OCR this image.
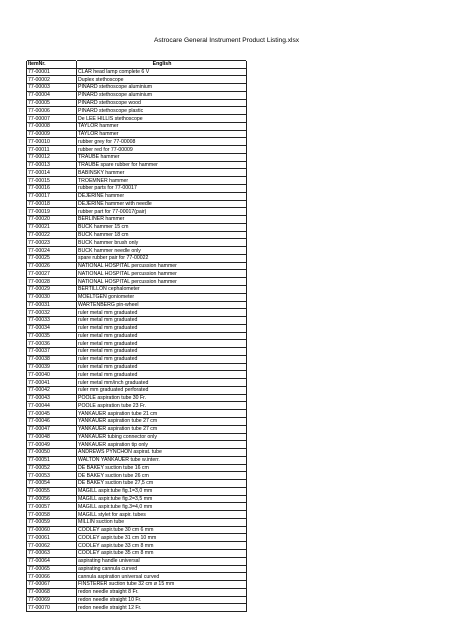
Astrocare General Instrument Product Listing.xlsx

ItemNr.	English
77-00001	CLAR head lamp complete 6 V
77-00002	Duplex stethoscope
77-00003	PINARD stethoscope aluminium
77-00004	PINARD stethoscope aluminium
77-00005	PINARD stethoscope wood
77-00006	PINARD stethoscope plastic
77-00007	De LEE HILLIS stethoscope
77-00008	TAYLOR hammer
77-00009	TAYLOR hammer
77-00010	rubber grey for 77-00008
77-00011	rubber red for 77-00009
77-00012	TRAUBE hammer
77-00013	TRAUBE spare rubber for hammer
77-00014	BABINSKY hammer
77-00015	TROEMNER hammer
77-00016	rubber parts for 77-00017
77-00017	DEJERINE hammer
77-00018	DEJERINE hammer with needle
77-00019	rubber part for 77-00017(pair)
77-00020	BERLINER hammer
77-00021	BUCK hammer 15 cm
77-00022	BUCK hammer 18 cm
77-00023	BUCK hammer brush only
77-00024	BUCK hammer needle only
77-00025	spare rubber pair for 77-00022
77-00026	NATIONAL HOSPITAL percussion hammer
77-00027	NATIONAL HOSPITAL percussion hammer
77-00028	NATIONAL HOSPITAL percussion hammer
77-00029	BERTILLON cephalometer
77-00030	MOELTGEN goniometer
77-00031	WARTENBERG pin-wheel
77-00032	ruler metal mm graduated
77-00033	ruler metal mm graduated
77-00034	ruler metal mm graduated
77-00035	ruler metal mm graduated
77-00036	ruler metal mm graduated
77-00037	ruler metal mm graduated
77-00038	ruler metal mm graduated
77-00039	ruler metal mm graduated
77-00040	ruler metal mm graduated
77-00041	ruler metal mm/inch graduated
77-00042	ruler mm graduated perforated
77-00043	POOLE aspiration tube 30 Fr.
77-00044	POOLE aspiration tube 23 Fr.
77-00045	YANKAUER aspiration tube 21 cm
77-00046	YANKAUER aspiration tube 27 cm
77-00047	YANKAUER aspiration tube 27 cm
77-00048	YANKAUER tubing connector only
77-00049	YANKAUER aspiration tip only
77-00050	ANDREWS PYNCHON aspirat. tube
77-00051	WALTON YANKAUER tube w.interr.
77-00052	DE BAKEY suction tube 16 cm
77-00053	DE BAKEY suction tube 26 cm
77-00054	DE BAKEY suction tube 27,5 cm
77-00055	MAGILL aspir.tube fig.1=3,0 mm
77-00056	MAGILL aspir.tube fig.2=3,5 mm
77-00057	MAGILL aspir.tube fig.3=4,0 mm
77-00058	MAGILL stylet for aspir. tubes
77-00059	MILLIN suction tube
77-00060	COOLEY aspir.tube 30 cm 6 mm
77-00061	COOLEY aspir.tube 31 cm 10 mm
77-00062	COOLEY aspir.tube 33 cm 8 mm
77-00063	COOLEY aspir.tube 35 cm 8 mm
77-00064	aspirating handle universal
77-00065	aspirating cannula curved
77-00066	cannula aspiration universal curved
77-00067	FINSTERER suction tube 32 cm ø 15 mm
77-00068	redon needle straight 8 Fr.
77-00069	redon needle straight 10 Fr.
77-00070	redon needle straight 12 Fr.
